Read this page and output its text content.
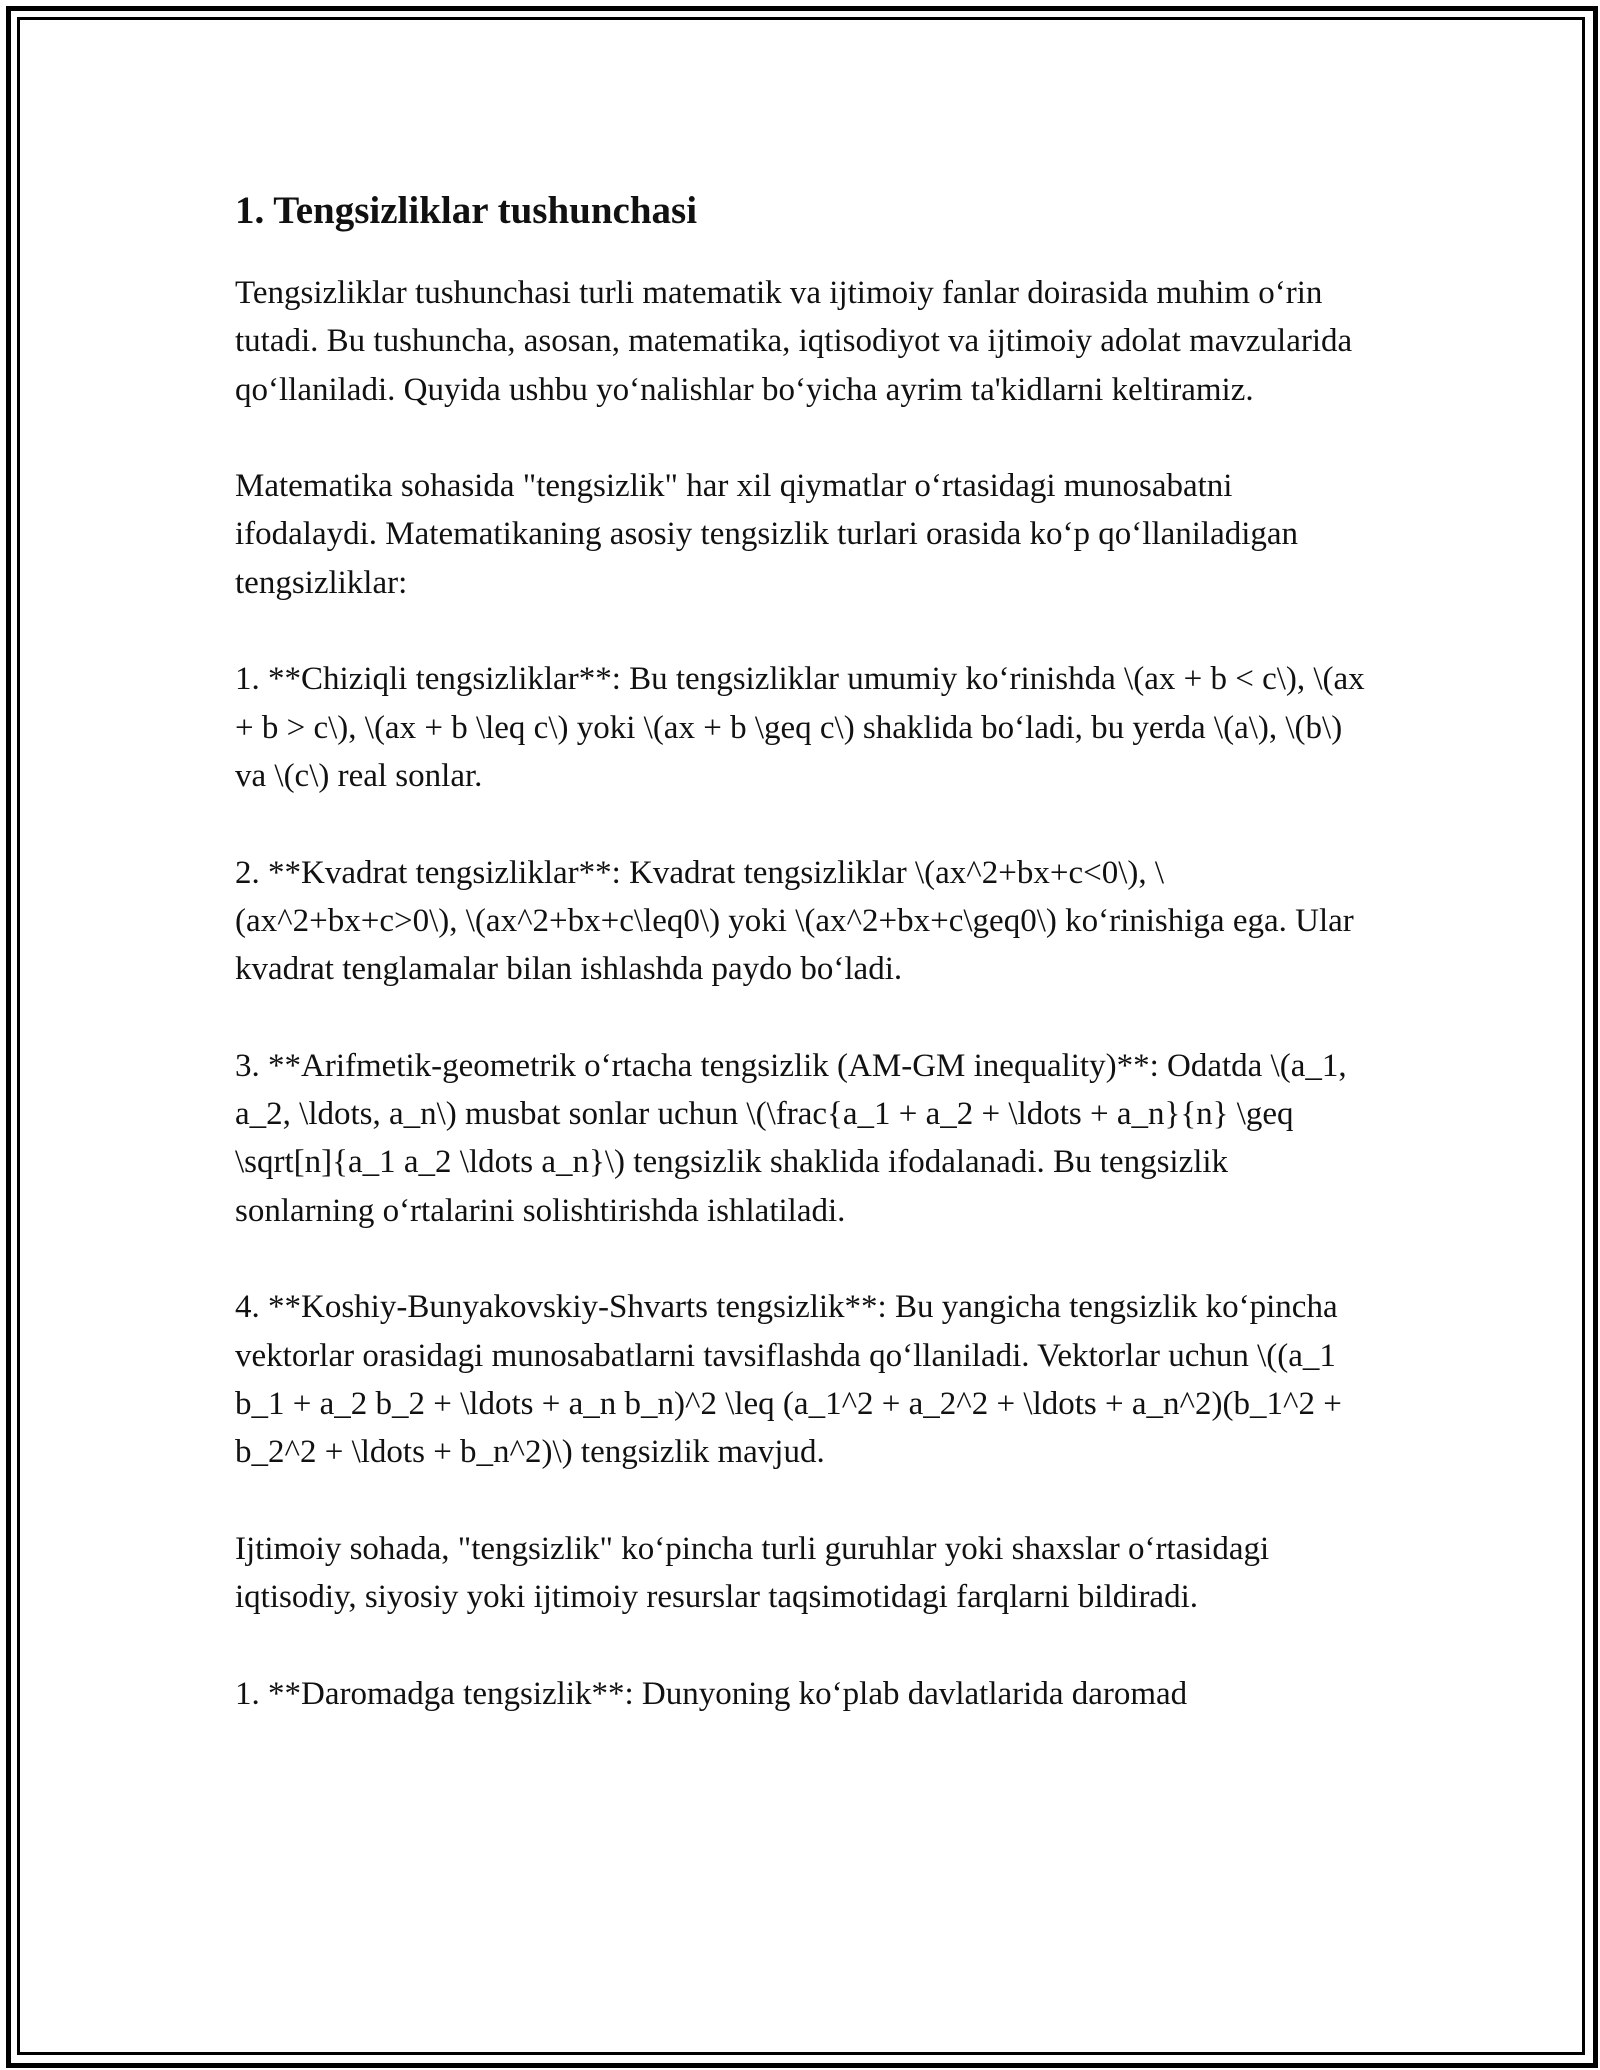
1. Tengsizliklar tushunchasi

Tengsizliklar tushunchasi turli matematik va ijtimoiy fanlar doirasida muhim o‘rin tutadi. Bu tushuncha, asosan, matematika, iqtisodiyot va ijtimoiy adolat mavzularida qo‘llaniladi. Quyida ushbu yo‘nalishlar bo‘yicha ayrim ta'kidlarni keltiramiz.

Matematika sohasida "tengsizlik" har xil qiymatlar o‘rtasidagi munosabatni ifodalaydi. Matematikaning asosiy tengsizlik turlari orasida ko‘p qo‘llaniladigan tengsizliklar:

1. **Chiziqli tengsizliklar**: Bu tengsizliklar umumiy ko‘rinishda \(ax + b < c\), \(ax + b > c\), \(ax + b \leq c\) yoki \(ax + b \geq c\) shaklida bo‘ladi, bu yerda \(a\), \(b\) va \(c\) real sonlar.

2. **Kvadrat tengsizliklar**: Kvadrat tengsizliklar \(ax^2+bx+c<0\), \(ax^2+bx+c>0\), \(ax^2+bx+c\leq0\) yoki \(ax^2+bx+c\geq0\) ko‘rinishiga ega. Ular kvadrat tenglamalar bilan ishlashda paydo bo‘ladi.

3. **Arifmetik-geometrik o‘rtacha tengsizlik (AM-GM inequality)**: Odatda \(a_1, a_2, \ldots, a_n\) musbat sonlar uchun \(\frac{a_1 + a_2 + \ldots + a_n}{n} \geq \sqrt[n]{a_1 a_2 \ldots a_n}\) tengsizlik shaklida ifodalanadi. Bu tengsizlik sonlarning o‘rtalarini solishtirishda ishlatiladi.

4. **Koshiy-Bunyakovskiy-Shvarts tengsizlik**: Bu yangicha tengsizlik ko‘pincha vektorlar orasidagi munosabatlarni tavsiflashda qo‘llaniladi. Vektorlar uchun \((a_1 b_1 + a_2 b_2 + \ldots + a_n b_n)^2 \leq (a_1^2 + a_2^2 + \ldots + a_n^2)(b_1^2 + b_2^2 + \ldots + b_n^2)\) tengsizlik mavjud.

Ijtimoiy sohada, "tengsizlik" ko‘pincha turli guruhlar yoki shaxslar o‘rtasidagi iqtisodiy, siyosiy yoki ijtimoiy resurslar taqsimotidagi farqlarni bildiradi.

1. **Daromadga tengsizlik**: Dunyoning ko‘plab davlatlarida daromad
